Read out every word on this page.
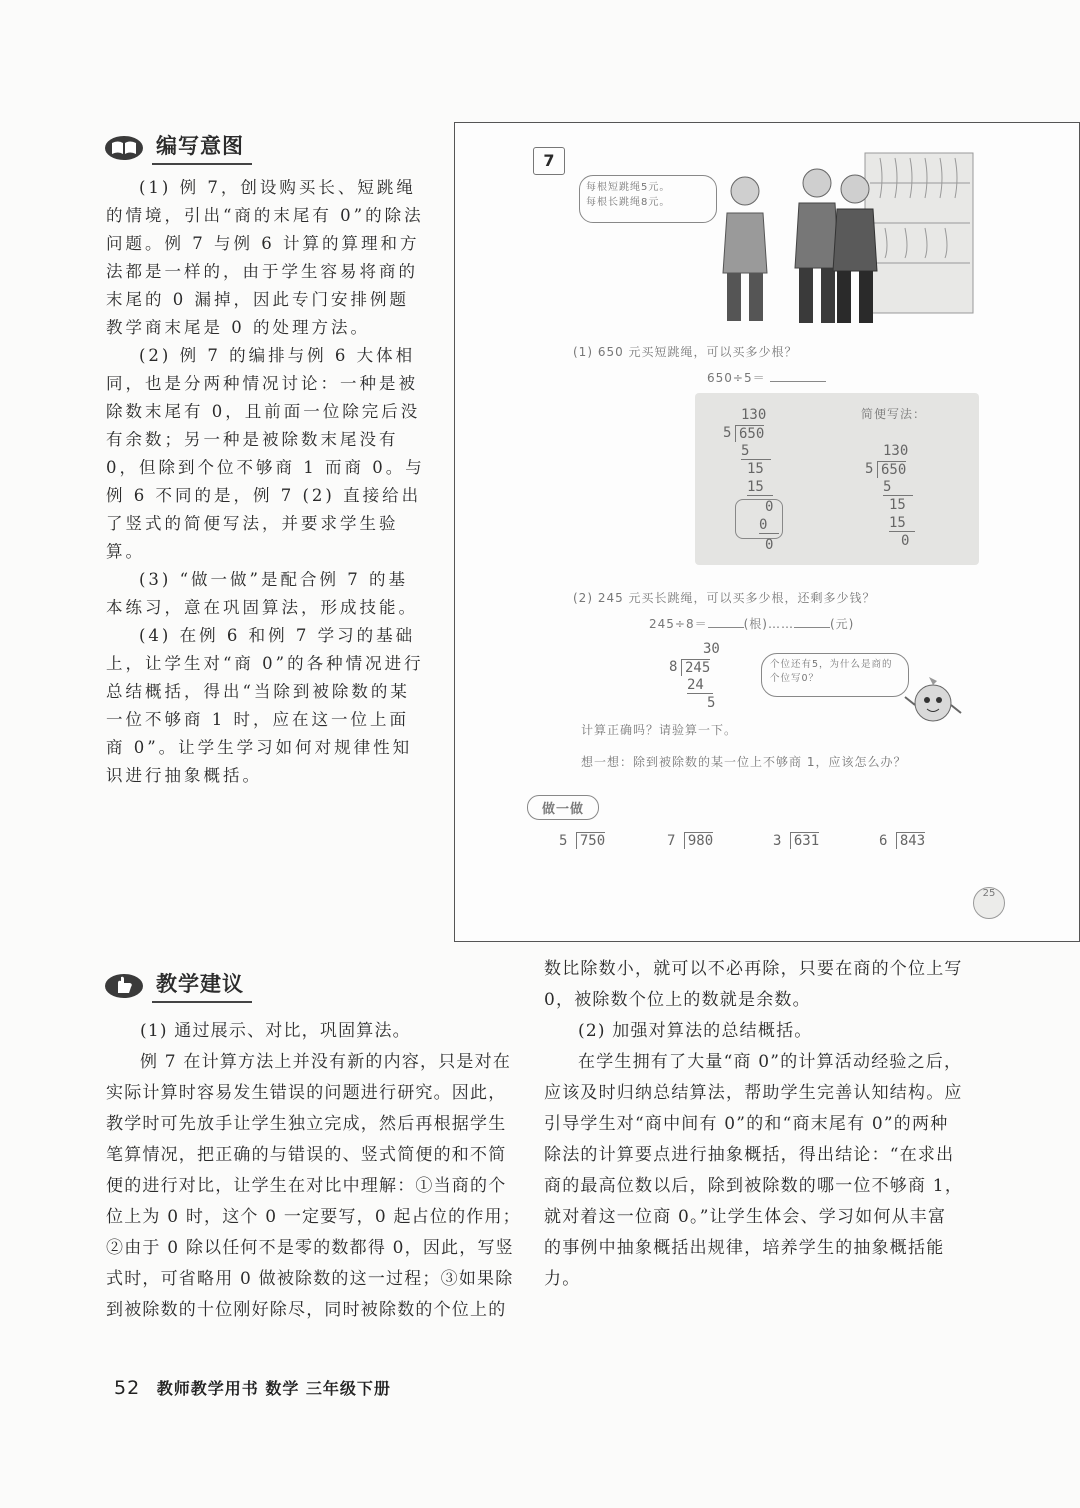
编写意图

(1) 例 7，创设购买长、短跳绳的情境，引出“商的末尾有 0”的除法问题。例 7 与例 6 计算的算理和方法都是一样的，由于学生容易将商的末尾的 0 漏掉，因此专门安排例题教学商末尾是 0 的处理方法。

(2) 例 7 的编排与例 6 大体相同，也是分两种情况讨论：一种是被除数末尾有 0，且前面一位除完后没有余数；另一种是被除数末尾没有 0，但除到个位不够商 1 而商 0。与例 6 不同的是，例 7 (2) 直接给出了竖式的简便写法，并要求学生验算。

(3) “做一做”是配合例 7 的基本练习，意在巩固算法，形成技能。

(4) 在例 6 和例 7 学习的基础上，让学生对“商 0”的各种情况进行总结概括，得出“当除到被除数的某一位不够商 1 时，应在这一位上面商 0”。让学生学习如何对规律性知识进行抽象概括。

7
每根短跳绳5元。
每根长跳绳8元。
(1) 650 元买短跳绳，可以买多少根？
650÷5＝
130
5 650
5
15
15
0
0
0
简便写法：
130
5 650
5
15
15
0
(2) 245 元买长跳绳，可以买多少根，还剩多少钱？
245÷8＝	(根)……	(元)
30
8 245
24
5
个位还有5，为什么是商的个位写0？
计算正确吗？请验算一下。
想一想：除到被除数的某一位上不够商 1，应该怎么办？
做一做
5 750	7 980	3 631	6 843
25
教学建议

(1) 通过展示、对比，巩固算法。

例 7 在计算方法上并没有新的内容，只是对在实际计算时容易发生错误的问题进行研究。因此，教学时可先放手让学生独立完成，然后再根据学生笔算情况，把正确的与错误的、竖式简便的和不简便的进行对比，让学生在对比中理解：①当商的个位上为 0 时，这个 0 一定要写，0 起占位的作用；②由于 0 除以任何不是零的数都得 0，因此，写竖式时，可省略用 0 做被除数的这一过程；③如果除到被除数的十位刚好除尽，同时被除数的个位上的

数比除数小，就可以不必再除，只要在商的个位上写 0，被除数个位上的数就是余数。

(2) 加强对算法的总结概括。

在学生拥有了大量“商 0”的计算活动经验之后，应该及时归纳总结算法，帮助学生完善认知结构。应引导学生对“商中间有 0”的和“商末尾有 0”的两种除法的计算要点进行抽象概括，得出结论：“在求出商的最高位数以后，除到被除数的哪一位不够商 1，就对着这一位商 0。”让学生体会、学习如何从丰富的事例中抽象概括出规律，培养学生的抽象概括能力。

52 教师教学用书 数学 三年级下册
